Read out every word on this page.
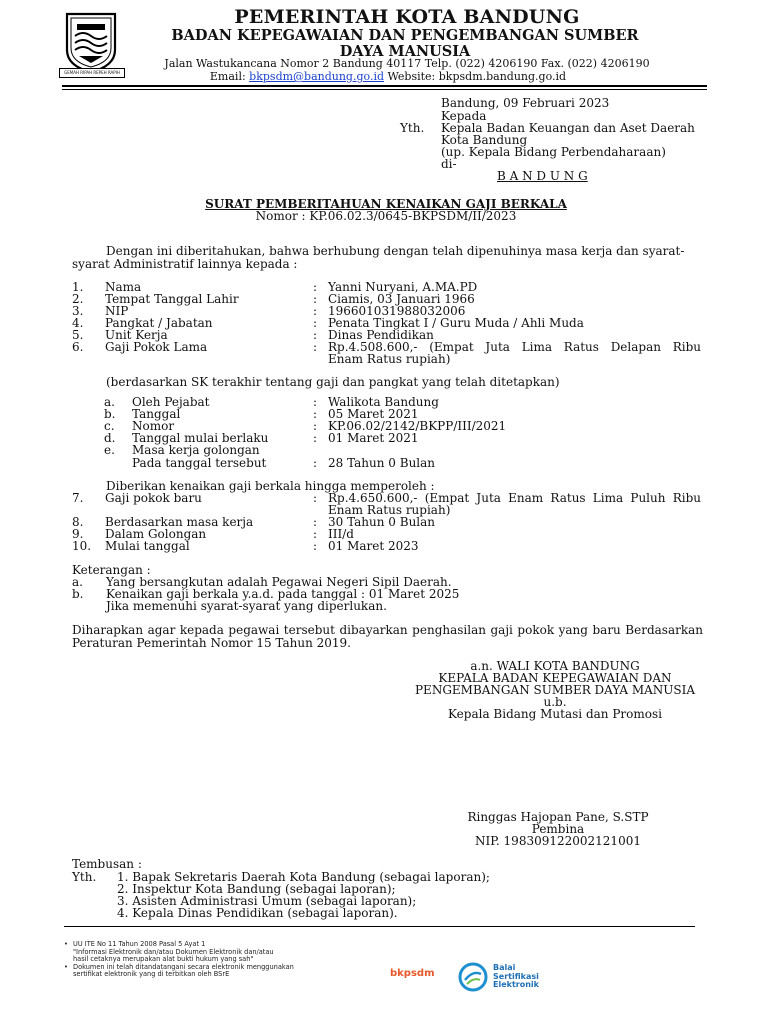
GEMAH RIPAH REPEH RAPIH
PEMERINTAH KOTA BANDUNG
BADAN KEPEGAWAIAN DAN PENGEMBANGAN SUMBER
DAYA MANUSIA
Jalan Wastukancana Nomor 2 Bandung 40117 Telp. (022) 4206190 Fax. (022) 4206190
Email: bkpsdm@bandung.go.id Website: bkpsdm.bandung.go.id
Bandung, 09 Februari 2023
Kepada
Yth. Kepala Badan Keuangan dan Aset Daerah
Kota Bandung
(up. Kepala Bidang Perbendaharaan)
di-
B A N D U N G
SURAT PEMBERITAHUAN KENAIKAN GAJI BERKALA
Nomor : KP.06.02.3/0645-BKPSDM/II/2023
Dengan ini diberitahukan, bahwa berhubung dengan telah dipenuhinya masa kerja dan syarat-
syarat Administratif lainnya kepada :
1. Nama	: Yanni Nuryani, A.MA.PD
2. Tempat Tanggal Lahir	: Ciamis, 03 Januari 1966
3. NIP	: 196601031988032006
4. Pangkat / Jabatan	: Penata Tingkat I / Guru Muda / Ahli Muda
5. Unit Kerja	: Dinas Pendidikan
6. Gaji Pokok Lama	: Rp.4.508.600,- (Empat Juta Lima Ratus Delapan Ribu
Enam Ratus rupiah)
(berdasarkan SK terakhir tentang gaji dan pangkat yang telah ditetapkan)
a. Oleh Pejabat	: Walikota Bandung
b. Tanggal	: 05 Maret 2021
c. Nomor	: KP.06.02/2142/BKPP/III/2021
d. Tanggal mulai berlaku	: 01 Maret 2021
e. Masa kerja golongan
Pada tanggal tersebut	: 28 Tahun 0 Bulan
Diberikan kenaikan gaji berkala hingga memperoleh :
7. Gaji pokok baru	: Rp.4.650.600,- (Empat Juta Enam Ratus Lima Puluh Ribu
Enam Ratus rupiah)
8. Berdasarkan masa kerja	: 30 Tahun 0 Bulan
9. Dalam Golongan	: III/d
10. Mulai tanggal	: 01 Maret 2023
Keterangan :
a. Yang bersangkutan adalah Pegawai Negeri Sipil Daerah.
b. Kenaikan gaji berkala y.a.d. pada tanggal : 01 Maret 2025
Jika memenuhi syarat-syarat yang diperlukan.
Diharapkan agar kepada pegawai tersebut dibayarkan penghasilan gaji pokok yang baru Berdasarkan
Peraturan Pemerintah Nomor 15 Tahun 2019.
a.n. WALI KOTA BANDUNG
KEPALA BADAN KEPEGAWAIAN DAN
PENGEMBANGAN SUMBER DAYA MANUSIA
u.b.
Kepala Bidang Mutasi dan Promosi
Ringgas Hajopan Pane, S.STP
Pembina
NIP. 198309122002121001
Tembusan :
Yth. 1. Bapak Sekretaris Daerah Kota Bandung (sebagai laporan);
2. Inspektur Kota Bandung (sebagai laporan);
3. Asisten Administrasi Umum (sebagai laporan);
4. Kepala Dinas Pendidikan (sebagai laporan).
• UU ITE No 11 Tahun 2008 Pasal 5 Ayat 1
"Informasi Elektronik dan/atau Dokumen Elektronik dan/atau
hasil cetaknya merupakan alat bukti hukum yang sah"
• Dokumen ini telah ditandatangani secara elektronik menggunakan
sertifikat elektronik yang di terbitkan oleh BSrE	bkpsdm
Balai
Sertifikasi
Elektronik
